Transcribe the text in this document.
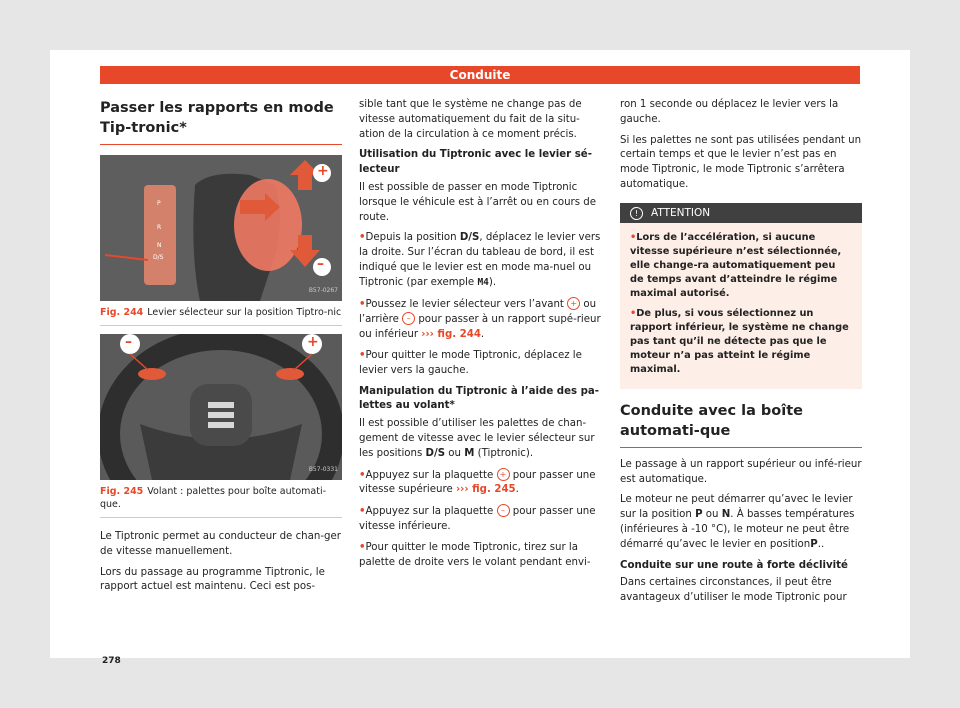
Conduite
Passer les rapports en mode Tip-tronic*
P
R
N
D/S
+
–
B57-0267
Fig. 244 Levier sélecteur sur la position Tiptro-nic
–	+
B57-0331
Fig. 245 Volant : palettes pour boîte automati-que.

Le Tiptronic permet au conducteur de chan-ger de vitesse manuellement.

Lors du passage au programme Tiptronic, le rapport actuel est maintenu. Ceci est pos-

sible tant que le système ne change pas de vitesse automatiquement du fait de la situ-ation de la circulation à ce moment précis.

Utilisation du Tiptronic avec le levier sé-lecteur

Il est possible de passer en mode Tiptronic lorsque le véhicule est à l’arrêt ou en cours de route.

• Depuis la position D/S, déplacez le levier vers la droite. Sur l’écran du tableau de bord, il est indiqué que le levier est en mode ma-nuel ou Tiptronic (par exemple M4).

• Poussez le levier sélecteur vers l’avant + ou l’arrière – pour passer à un rapport supé-rieur ou inférieur ››› fig. 244.

• Pour quitter le mode Tiptronic, déplacez le levier vers la gauche.

Manipulation du Tiptronic à l’aide des pa-lettes au volant*

Il est possible d’utiliser les palettes de chan-gement de vitesse avec le levier sélecteur sur les positions D/S ou M (Tiptronic).

• Appuyez sur la plaquette + pour passer une vitesse supérieure ››› fig. 245.

• Appuyez sur la plaquette – pour passer une vitesse inférieure.

• Pour quitter le mode Tiptronic, tirez sur la palette de droite vers le volant pendant envi-

ron 1 seconde ou déplacez le levier vers la gauche.

Si les palettes ne sont pas utilisées pendant un certain temps et que le levier n’est pas en mode Tiptronic, le mode Tiptronic s’arrêtera automatique.

! ATTENTION

• Lors de l’accélération, si aucune vitesse supérieure n’est sélectionnée, elle change-ra automatiquement peu de temps avant d’atteindre le régime maximal autorisé.

• De plus, si vous sélectionnez un rapport inférieur, le système ne change pas tant qu’il ne détecte pas que le moteur n’a pas atteint le régime maximal.

Conduite avec la boîte automati-que

Le passage à un rapport supérieur ou infé-rieur est automatique.

Le moteur ne peut démarrer qu’avec le levier sur la position P ou N. À basses températures (inférieures à -10 °C), le moteur ne peut être démarré qu’avec le levier en positionP..

Conduite sur une route à forte déclivité

Dans certaines circonstances, il peut être avantageux d’utiliser le mode Tiptronic pour

278
